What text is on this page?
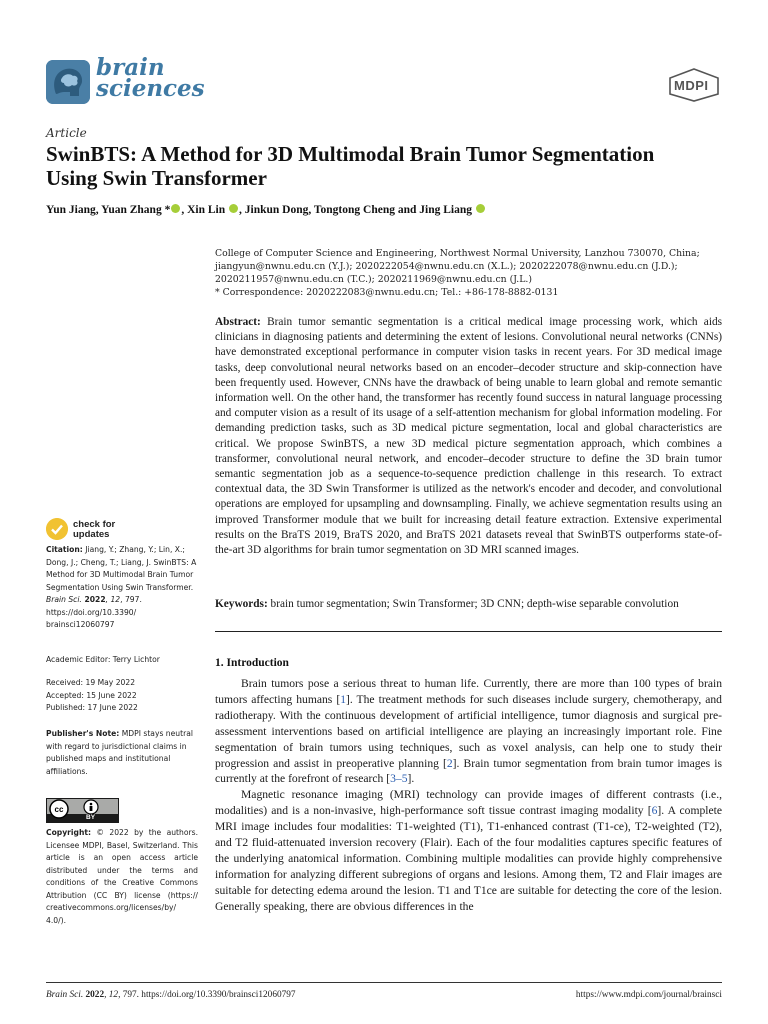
brain
sciences	MDPI
Article
SwinBTS: A Method for 3D Multimodal Brain Tumor Segmentation Using Swin Transformer
Yun Jiang, Yuan Zhang * , Xin Lin , Jinkun Dong, Tongtong Cheng and Jing Liang
College of Computer Science and Engineering, Northwest Normal University, Lanzhou 730070, China;
jiangyun@nwnu.edu.cn (Y.J.); 2020222054@nwnu.edu.cn (X.L.); 2020222078@nwnu.edu.cn (J.D.);
2020211957@nwnu.edu.cn (T.C.); 2020211969@nwnu.edu.cn (J.L.)
* Correspondence: 2020222083@nwnu.edu.cn; Tel.: +86-178-8882-0131

Abstract: Brain tumor semantic segmentation is a critical medical image processing work, which aids clinicians in diagnosing patients and determining the extent of lesions. Convolutional neural networks (CNNs) have demonstrated exceptional performance in computer vision tasks in recent years. For 3D medical image tasks, deep convolutional neural networks based on an encoder–decoder structure and skip-connection have been frequently used. However, CNNs have the drawback of being unable to learn global and remote semantic information well. On the other hand, the transformer has recently found success in natural language processing and computer vision as a result of its usage of a self-attention mechanism for global information modeling. For demanding prediction tasks, such as 3D medical picture segmentation, local and global characteristics are critical. We propose SwinBTS, a new 3D medical picture segmentation approach, which combines a transformer, convolutional neural network, and encoder–decoder structure to define the 3D brain tumor semantic segmentation job as a sequence-to-sequence prediction challenge in this research. To extract contextual data, the 3D Swin Transformer is utilized as the network's encoder and decoder, and convolutional operations are employed for upsampling and downsampling. Finally, we achieve segmentation results using an improved Transformer module that we built for increasing detail feature extraction. Extensive experimental results on the BraTS 2019, BraTS 2020, and BraTS 2021 datasets reveal that SwinBTS outperforms state-of-the-art 3D algorithms for brain tumor segmentation on 3D MRI scanned images.

Keywords: brain tumor segmentation; Swin Transformer; 3D CNN; depth-wise separable convolution

1. Introduction

Brain tumors pose a serious threat to human life. Currently, there are more than 100 types of brain tumors affecting humans [1]. The treatment methods for such diseases include surgery, chemotherapy, and radiotherapy. With the continuous development of artificial intelligence, tumor diagnosis and surgical pre-assessment interventions based on artificial intelligence are playing an increasingly important role. Fine segmentation of brain tumors using techniques, such as voxel analysis, can help one to study their progression and assist in preoperative planning [2]. Brain tumor segmentation from brain tumor images is currently at the forefront of research [3–5].

Magnetic resonance imaging (MRI) technology can provide images of different contrasts (i.e., modalities) and is a non-invasive, high-performance soft tissue contrast imaging modality [6]. A complete MRI image includes four modalities: T1-weighted (T1), T1-enhanced contrast (T1-ce), T2-weighted (T2), and T2 fluid-attenuated inversion recovery (Flair). Each of the four modalities captures specific features of the underlying anatomical information. Combining multiple modalities can provide highly comprehensive information for analyzing different subregions of organs and lesions. Among them, T2 and Flair images are suitable for detecting edema around the lesion. T1 and T1ce are suitable for detecting the core of the lesion. Generally speaking, there are obvious differences in the

check for
updates
Citation: Jiang, Y.; Zhang, Y.; Lin, X.; Dong, J.; Cheng, T.; Liang, J. SwinBTS: A Method for 3D Multimodal Brain Tumor Segmentation Using Swin Transformer. Brain Sci. 2022, 12, 797. https://doi.org/10.3390/ brainsci12060797
Academic Editor: Terry Lichtor
Received: 19 May 2022
Accepted: 15 June 2022
Published: 17 June 2022
Publisher's Note: MDPI stays neutral with regard to jurisdictional claims in published maps and institutional affiliations.
cc
BY
Copyright: © 2022 by the authors. Licensee MDPI, Basel, Switzerland. This article is an open access article distributed under the terms and conditions of the Creative Commons Attribution (CC BY) license (https:// creativecommons.org/licenses/by/ 4.0/).
Brain Sci. 2022, 12, 797. https://doi.org/10.3390/brainsci12060797	https://www.mdpi.com/journal/brainsci
